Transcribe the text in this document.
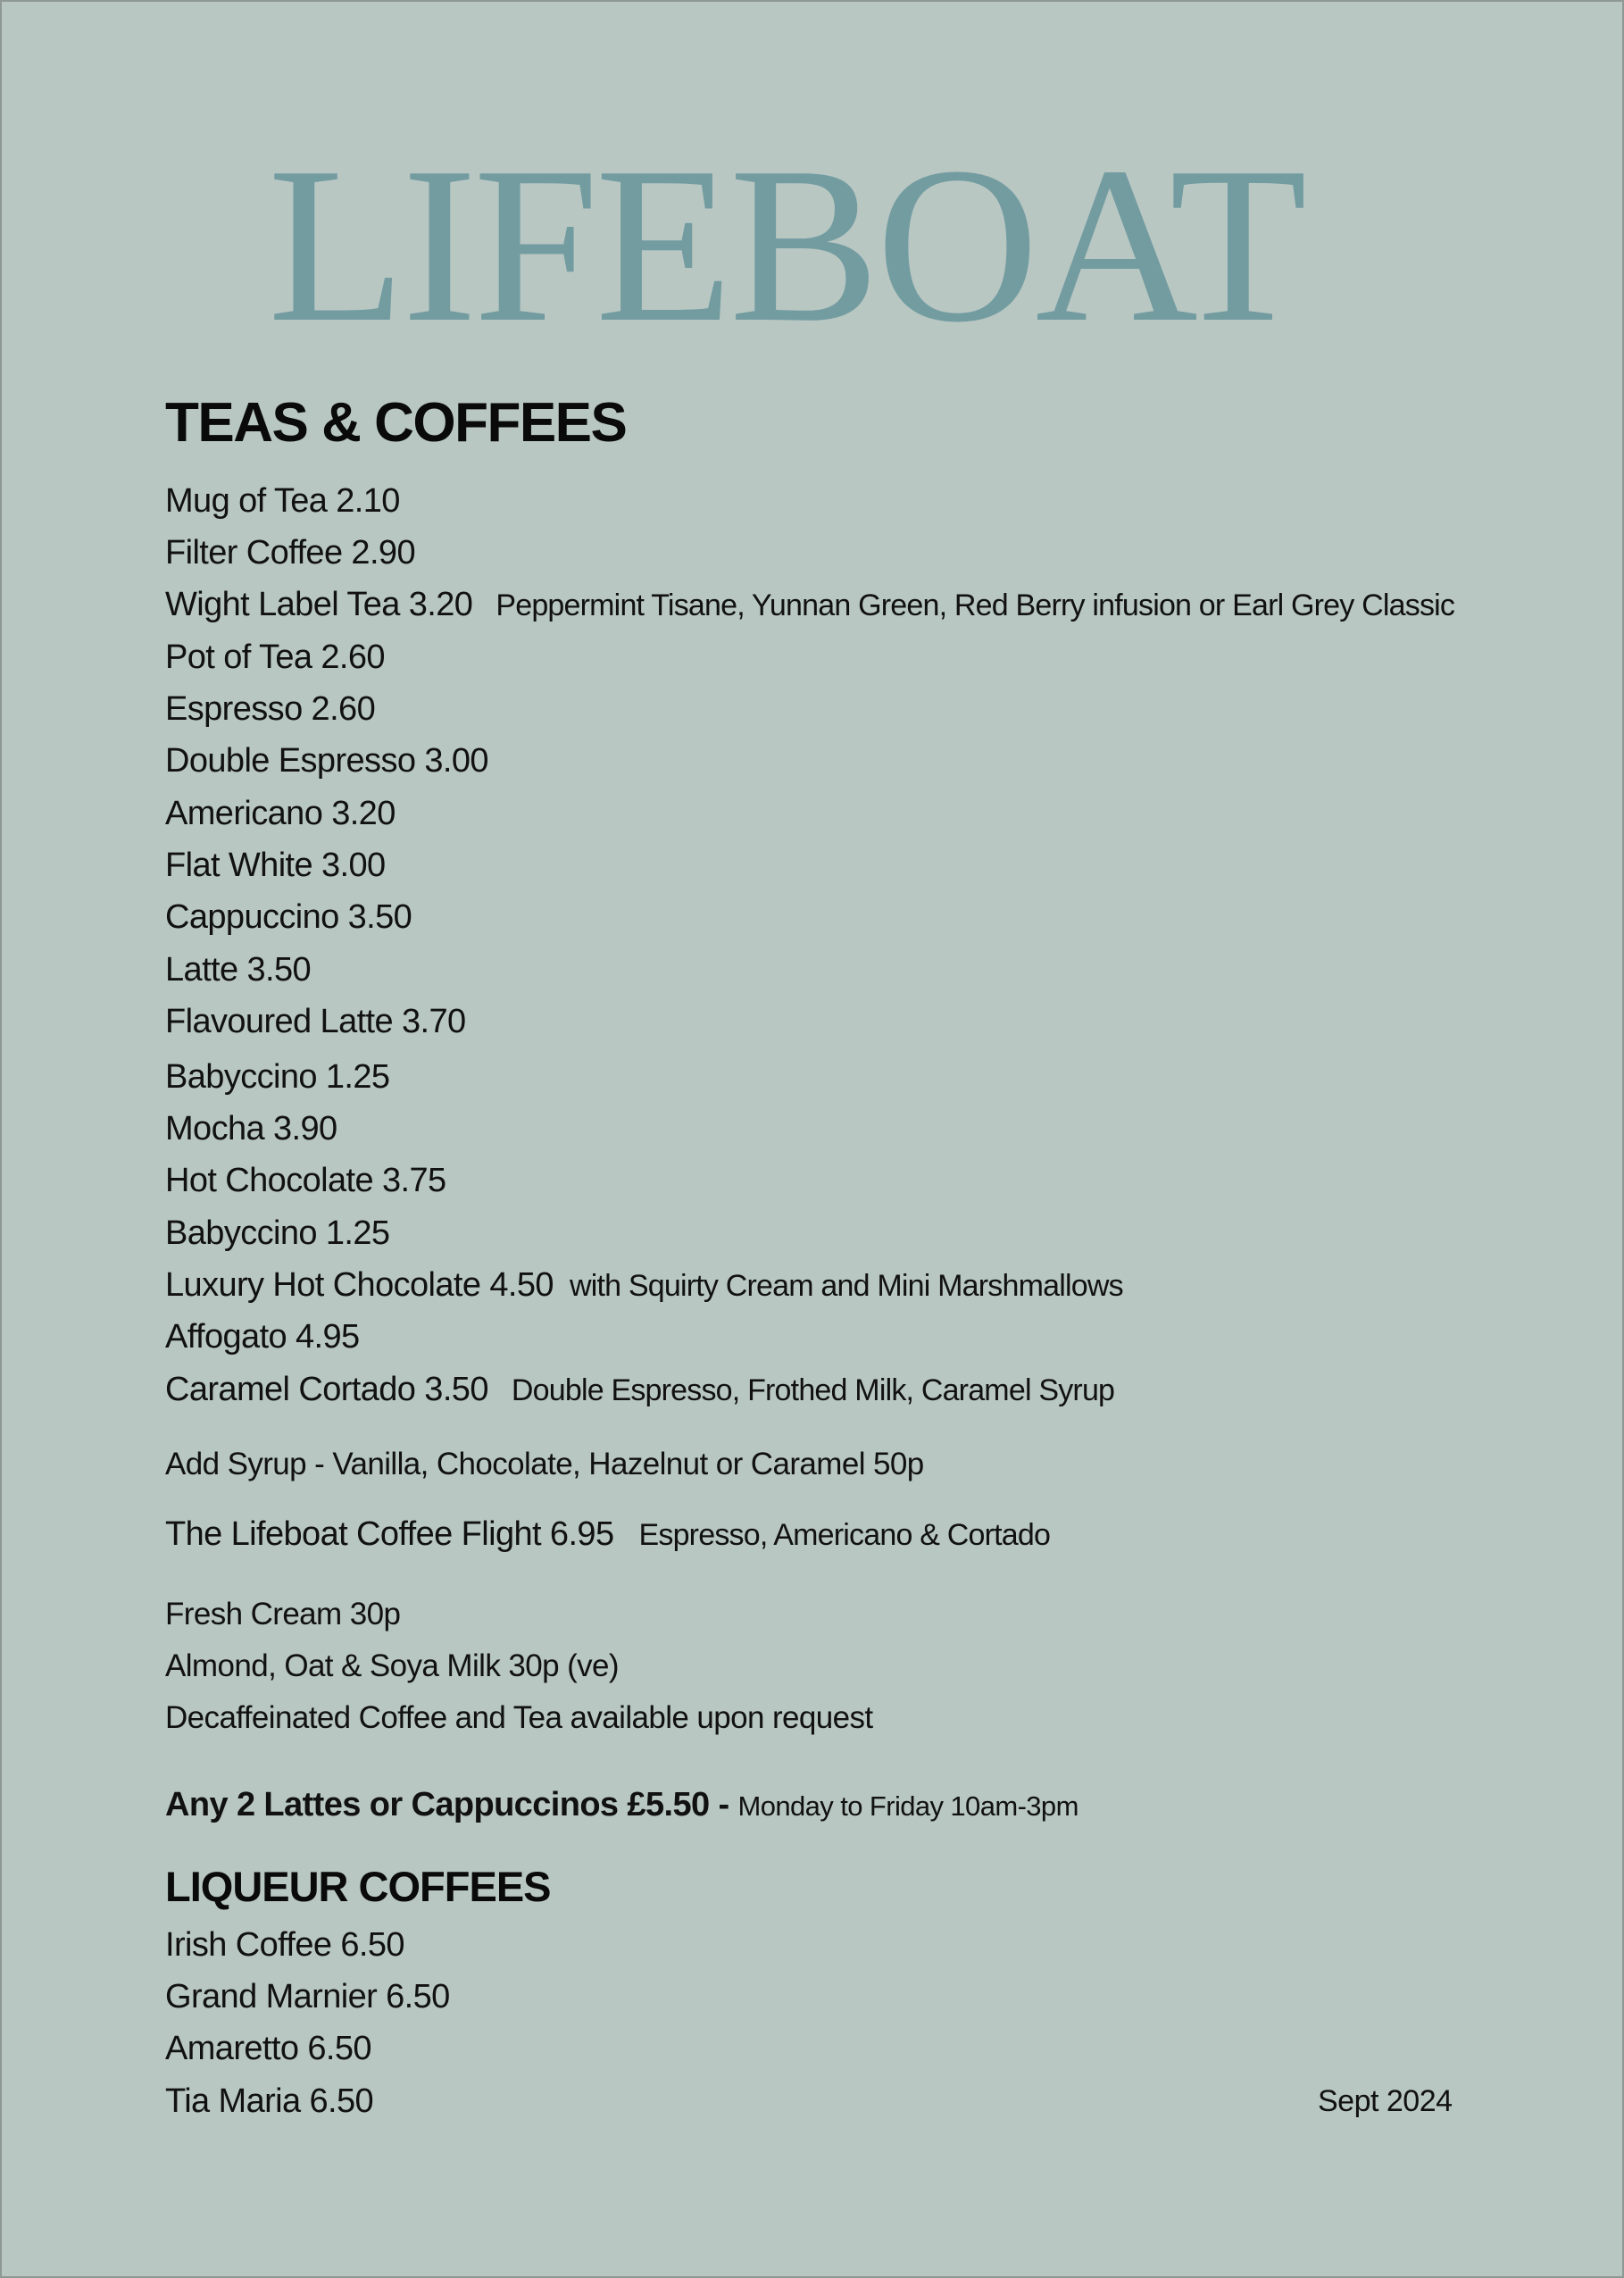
LIFEBOAT
TEAS & COFFEES
Mug of Tea 2.10
Filter Coffee 2.90
Wight Label Tea 3.20 Peppermint Tisane, Yunnan Green, Red Berry infusion or Earl Grey Classic
Pot of Tea 2.60
Espresso 2.60
Double Espresso 3.00
Americano 3.20
Flat White 3.00
Cappuccino 3.50
Latte 3.50
Flavoured Latte 3.70
Babyccino 1.25
Mocha 3.90
Hot Chocolate 3.75
Babyccino 1.25
Luxury Hot Chocolate 4.50 with Squirty Cream and Mini Marshmallows
Affogato 4.95
Caramel Cortado 3.50 Double Espresso, Frothed Milk, Caramel Syrup
Add Syrup - Vanilla, Chocolate, Hazelnut or Caramel 50p
The Lifeboat Coffee Flight 6.95 Espresso, Americano & Cortado
Fresh Cream 30p
Almond, Oat & Soya Milk 30p (ve)
Decaffeinated Coffee and Tea available upon request
Any 2 Lattes or Cappuccinos £5.50 - Monday to Friday 10am-3pm
LIQUEUR COFFEES
Irish Coffee 6.50
Grand Marnier 6.50
Amaretto 6.50
Tia Maria 6.50	Sept 2024
